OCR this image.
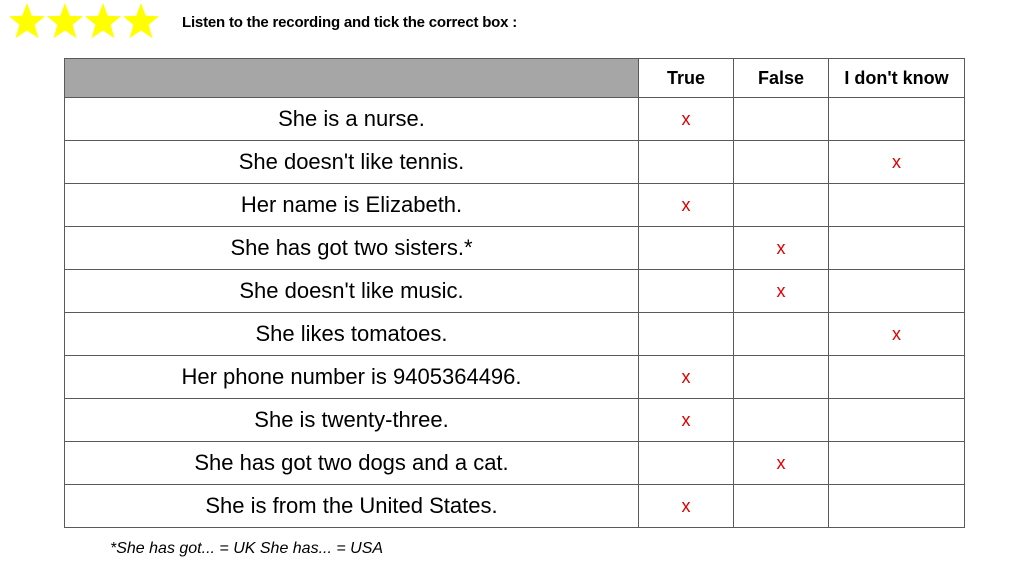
Listen to the recording and tick the correct box :
	True	False	I don't know
She is a nurse.	x		
She doesn't like tennis.			x
Her name is Elizabeth.	x		
She has got two sisters.*		x	
She doesn't like music.		x	
She likes tomatoes.			x
Her phone number is 9405364496.	x		
She is twenty-three.	x		
She has got two dogs and a cat.		x	
She is from the United States.	x		
*She has got... = UK She has... = USA
